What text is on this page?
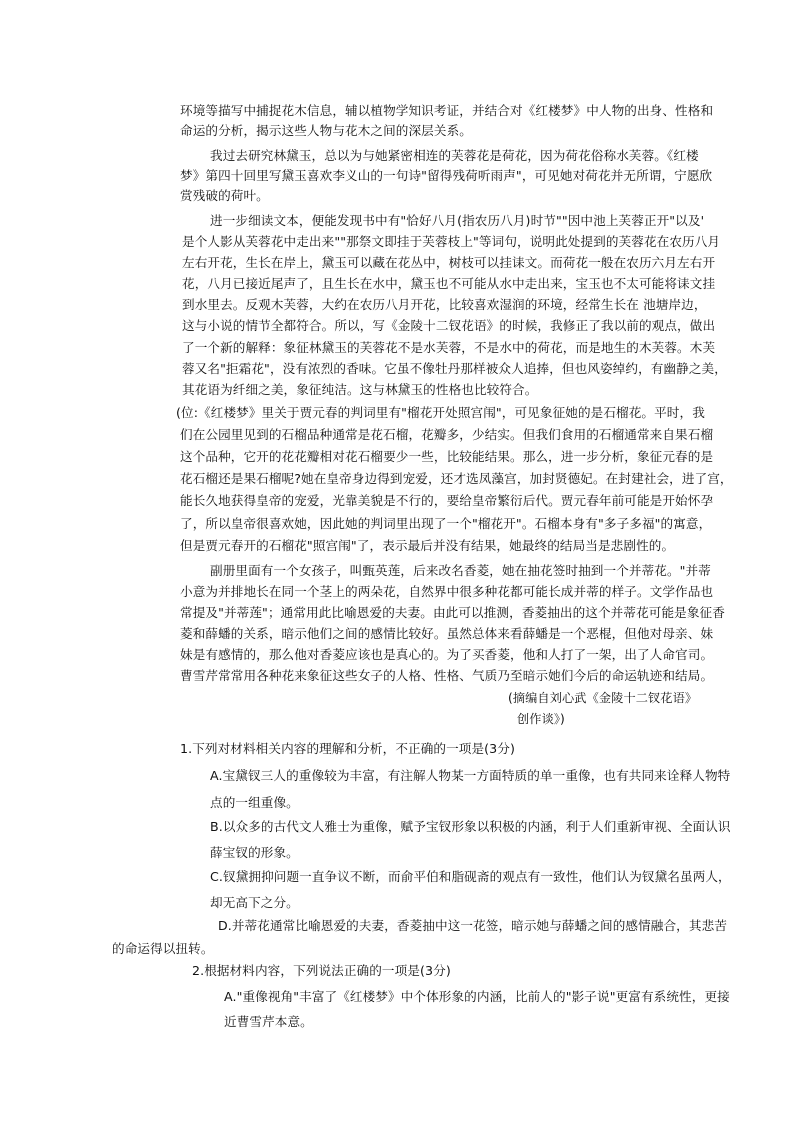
环境等描写中捕捉花木信息，辅以植物学知识考证，并结合对《红楼梦》中人物的出身、性格和
命运的分析，揭示这些人物与花木之间的深层关系。
我过去研究林黛玉，总以为与她紧密相连的芙蓉花是荷花，因为荷花俗称水芙蓉。《红楼
梦》第四十回里写黛玉喜欢李义山的一句诗"留得残荷听雨声"，可见她对荷花并无所谓，宁愿欣
赏残破的荷叶。
进一步细读文本，便能发现书中有"恰好八月(指农历八月)时节""因中池上芙蓉正开"以及'
是个人影从芙蓉花中走出来""那祭文即挂于芙蓉枝上"等词句，说明此处提到的芙蓉花在农历八月
左右开花，生长在岸上，黛玉可以藏在花丛中，树枝可以挂诔文。而荷花一般在农历六月左右开
花，八月已接近尾声了，且生长在水中，黛玉也不可能从水中走出来，宝玉也不太可能将诔文挂
到水里去。反观木芙蓉，大约在农历八月开花，比较喜欢湿润的环境，经常生长在 池塘岸边，
这与小说的情节全都符合。所以，写《金陵十二钗花语》的时候，我修正了我以前的观点，做出
了一个新的解释：象征林黛玉的芙蓉花不是水芙蓉，不是水中的荷花，而是地生的木芙蓉。木芙
蓉又名"拒霜花"，没有浓烈的香味。它虽不像牡丹那样被众人追捧，但也风姿绰约，有幽静之美，
其花语为纤细之美，象征纯洁。这与林黛玉的性格也比较符合。
(位:《红楼梦》里关于贾元春的判词里有"榴花开处照宫闱"，可见象征她的是石榴花。平时，我
们在公园里见到的石榴品种通常是花石榴，花瓣多，少结实。但我们食用的石榴通常来自果石榴
这个品种，它开的花花瓣相对花石榴要少一些，比较能结果。那么，进一步分析，象征元春的是
花石榴还是果石榴呢?她在皇帝身边得到宠爱，还才选凤藻宫，加封贤德妃。在封建社会，进了宫，
能长久地获得皇帝的宠爱，光靠美貌是不行的，要给皇帝繁衍后代。贾元春年前可能是开始怀孕
了，所以皇帝很喜欢她，因此她的判词里出现了一个"榴花开"。石榴本身有"多子多福"的寓意，
但是贾元春开的石榴花"照宫闱"了，表示最后并没有结果，她最终的结局当是悲剧性的。
副册里面有一个女孩子，叫甄英莲，后来改名香菱，她在抽花签时抽到一个并蒂花。"并蒂
小意为并排地长在同一个茎上的两朵花，自然界中很多种花都可能长成并蒂的样子。文学作品也
常提及"并蒂莲"；通常用此比喻恩爱的夫妻。由此可以推测，香菱抽出的这个并蒂花可能是象征香
菱和薛蟠的关系，暗示他们之间的感情比较好。虽然总体来看薛蟠是一个恶棍，但他对母亲、妹
妹是有感情的，那么他对香菱应该也是真心的。为了买香菱，他和人打了一架，出了人命官司。
曹雪芹常常用各种花来象征这些女子的人格、性格、气质乃至暗示她们今后的命运轨迹和结局。
(摘编自刘心武《金陵十二钗花语》
创作谈》)
1.下列对材料相关内容的理解和分析，不正确的一项是(3分)
A.宝黛钗三人的重像较为丰富，有注解人物某一方面特质的单一重像，也有共同来诠释人物特
点的一组重像。
B.以众多的古代文人雅士为重像，赋予宝钗形象以积极的内涵，利于人们重新审视、全面认识
薛宝钗的形象。
C.钗黛拥抑问题一直争议不断，而俞平伯和脂砚斋的观点有一致性，他们认为钗黛名虽两人，
却无高下之分。
D.并蒂花通常比喻恩爱的夫妻，香菱抽中这一花签，暗示她与薛蟠之间的感情融合，其悲苦
的命运得以扭转。
2.根据材料内容，下列说法正确的一项是(3分)
A."重像视角"丰富了《红楼梦》中个体形象的内涵，比前人的"影子说"更富有系统性，更接
近曹雪芹本意。
